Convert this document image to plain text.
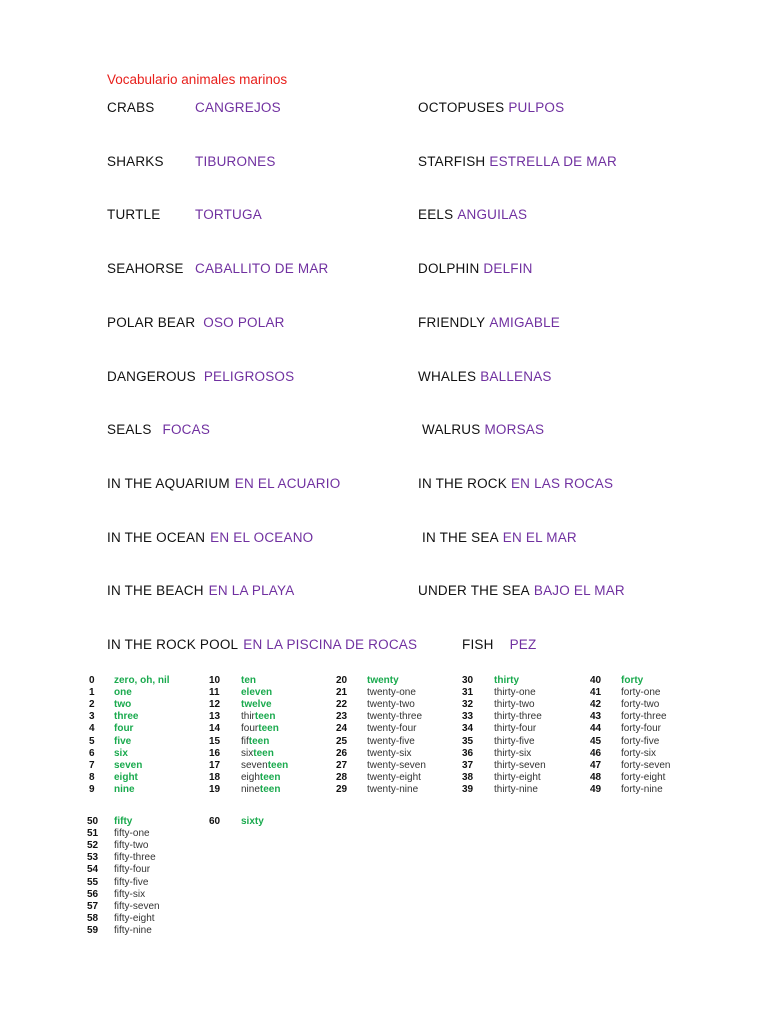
Vocabulario animales marinos
CRABS	CANGREJOS
SHARKS TIBURONES
TURTLE	TORTUGA
SEAHORSE CABALLITO DE MAR
POLAR BEAR OSO POLAR
DANGEROUS PELIGROSOS
SEALS FOCAS
IN THE AQUARIUM EN EL ACUARIO
IN THE OCEAN EN EL OCEANO
IN THE BEACH EN LA PLAYA
IN THE ROCK POOL EN LA PISCINA DE ROCAS
OCTOPUSES PULPOS
STARFISH ESTRELLA DE MAR
EELS ANGUILAS
DOLPHIN DELFIN
FRIENDLY AMIGABLE
WHALES BALLENAS
WALRUS MORSAS
IN THE ROCK EN LAS ROCAS
IN THE SEA EN EL MAR
UNDER THE SEA BAJO EL MAR
FISH PEZ
0 zero, oh, nil
1 one
2 two
3 three
4 four
5 five
6 six
7 seven
8 eight
9 nine
10 ten
11 eleven
12 twelve
13 thirteen
14 fourteen
15 fifteen
16 sixteen
17 seventeen
18 eighteen
19 nineteen
20 twenty
21 twenty-one
22 twenty-two
23 twenty-three
24 twenty-four
25 twenty-five
26 twenty-six
27 twenty-seven
28 twenty-eight
29 twenty-nine
30 thirty
31 thirty-one
32 thirty-two
33 thirty-three
34 thirty-four
35 thirty-five
36 thirty-six
37 thirty-seven
38 thirty-eight
39 thirty-nine
40 forty
41 forty-one
42 forty-two
43 forty-three
44 forty-four
45 forty-five
46 forty-six
47 forty-seven
48 forty-eight
49 forty-nine
50 fifty
51 fifty-one
52 fifty-two
53 fifty-three
54 fifty-four
55 fifty-five
56 fifty-six
57 fifty-seven
58 fifty-eight
59 fifty-nine
60 sixty
